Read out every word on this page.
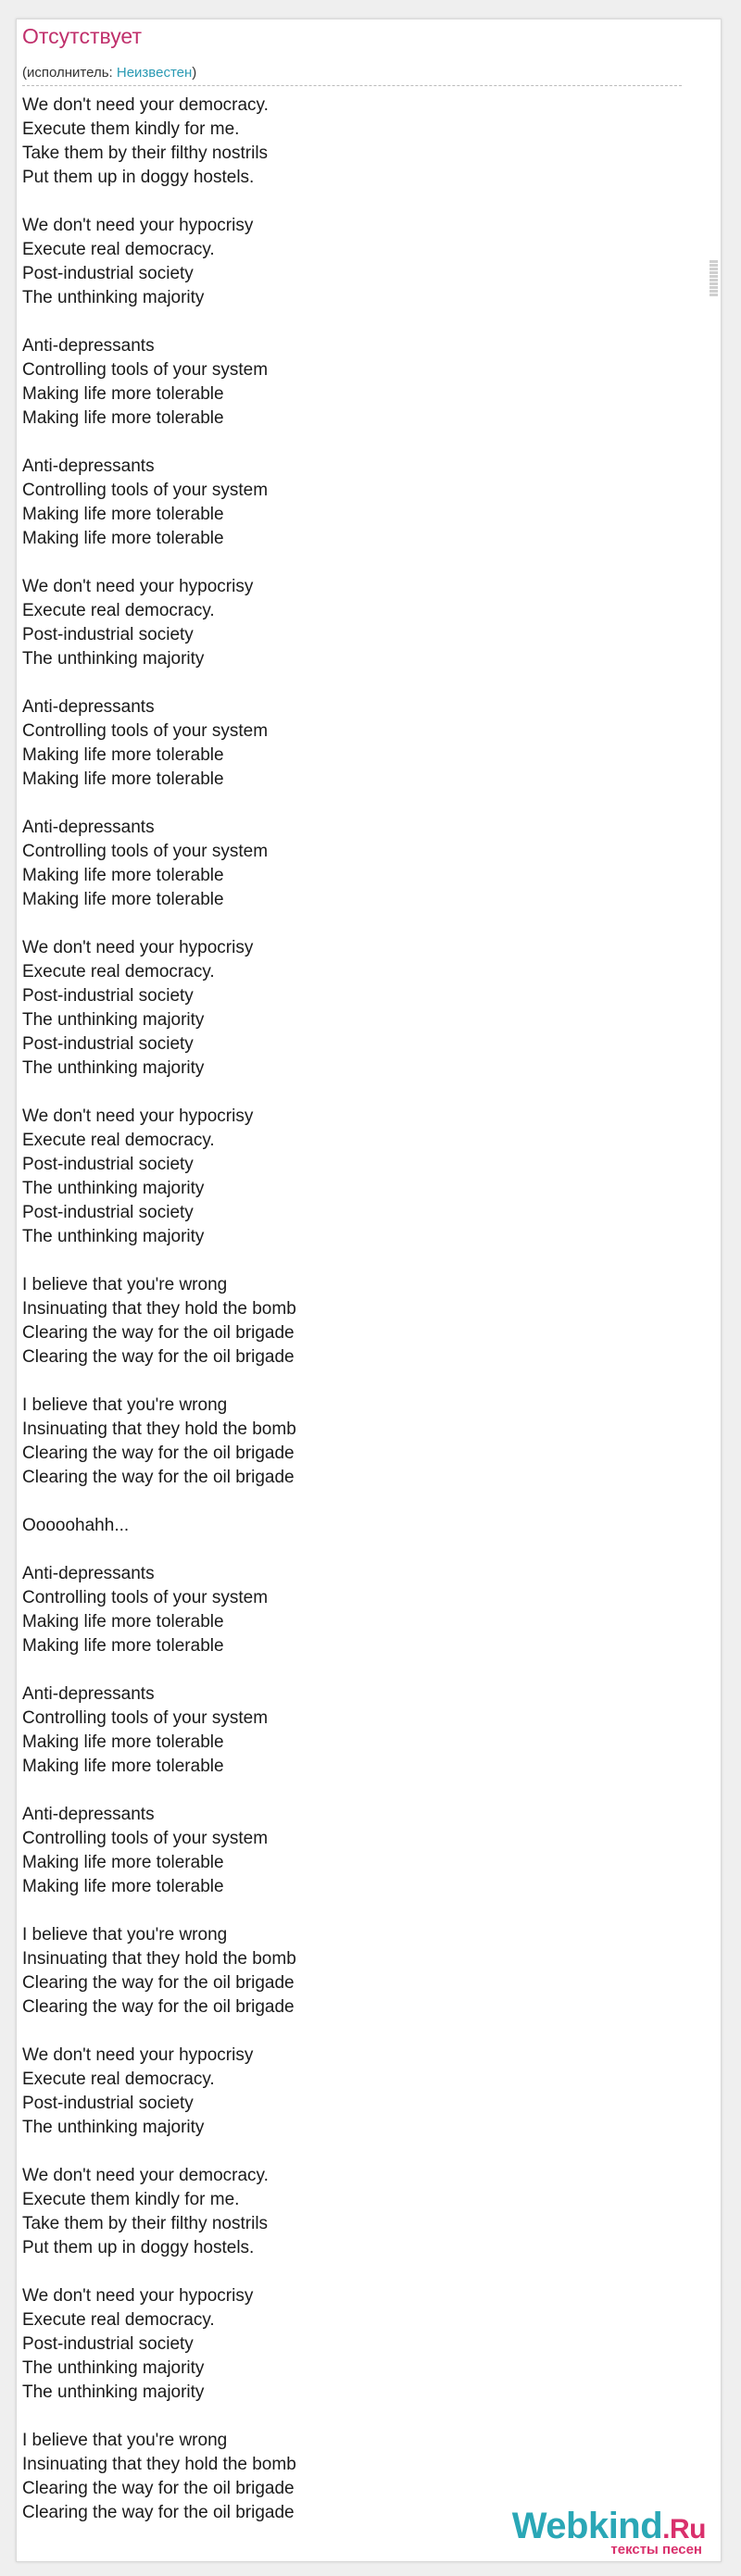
Отсутствует
(исполнитель: Неизвестен)
We don't need your democracy.
Execute them kindly for me.
Take them by their filthy nostrils
Put them up in doggy hostels.
We don't need your hypocrisy
Execute real democracy.
Post-industrial society
The unthinking majority
Anti-depressants
Controlling tools of your system
Making life more tolerable
Making life more tolerable
Anti-depressants
Controlling tools of your system
Making life more tolerable
Making life more tolerable
We don't need your hypocrisy
Execute real democracy.
Post-industrial society
The unthinking majority
Anti-depressants
Controlling tools of your system
Making life more tolerable
Making life more tolerable
Anti-depressants
Controlling tools of your system
Making life more tolerable
Making life more tolerable
We don't need your hypocrisy
Execute real democracy.
Post-industrial society
The unthinking majority
Post-industrial society
The unthinking majority
We don't need your hypocrisy
Execute real democracy.
Post-industrial society
The unthinking majority
Post-industrial society
The unthinking majority
I believe that you're wrong
Insinuating that they hold the bomb
Clearing the way for the oil brigade
Clearing the way for the oil brigade
I believe that you're wrong
Insinuating that they hold the bomb
Clearing the way for the oil brigade
Clearing the way for the oil brigade
Ooooohahh...
Anti-depressants
Controlling tools of your system
Making life more tolerable
Making life more tolerable
Anti-depressants
Controlling tools of your system
Making life more tolerable
Making life more tolerable
Anti-depressants
Controlling tools of your system
Making life more tolerable
Making life more tolerable
I believe that you're wrong
Insinuating that they hold the bomb
Clearing the way for the oil brigade
Clearing the way for the oil brigade
We don't need your hypocrisy
Execute real democracy.
Post-industrial society
The unthinking majority
We don't need your democracy.
Execute them kindly for me.
Take them by their filthy nostrils
Put them up in doggy hostels.
We don't need your hypocrisy
Execute real democracy.
Post-industrial society
The unthinking majority
The unthinking majority
I believe that you're wrong
Insinuating that they hold the bomb
Clearing the way for the oil brigade
Clearing the way for the oil brigade	Webkind.Ru
тексты песен
